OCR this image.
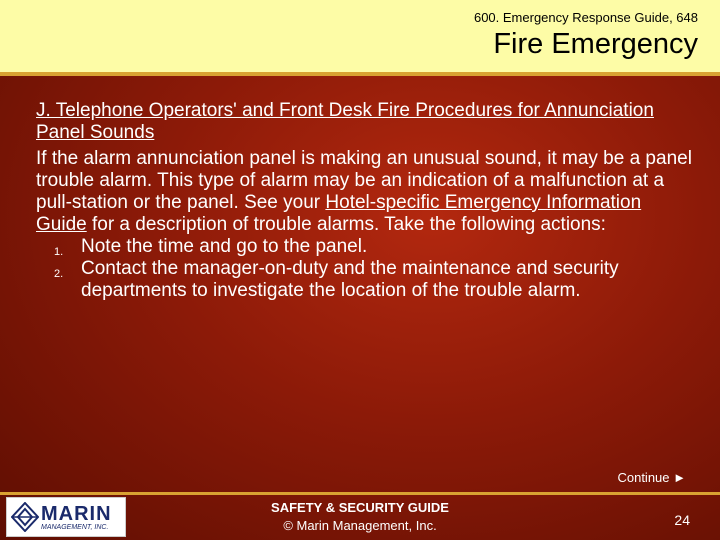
600. Emergency Response Guide, 648
Fire Emergency
J. Telephone Operators' and Front Desk Fire Procedures for Annunciation Panel Sounds

If the alarm annunciation panel is making an unusual sound, it may be a panel trouble alarm. This type of alarm may be an indication of a malfunction at a pull-station or the panel. See your Hotel-specific Emergency Information Guide for a description of trouble alarms. Take the following actions:

1. Note the time and go to the panel.
2. Contact the manager-on-duty and the maintenance and security departments to investigate the location of the trouble alarm.
Continue ►
MARIN
MANAGEMENT, INC.
SAFETY & SECURITY GUIDE
© Marin Management, Inc.	24
